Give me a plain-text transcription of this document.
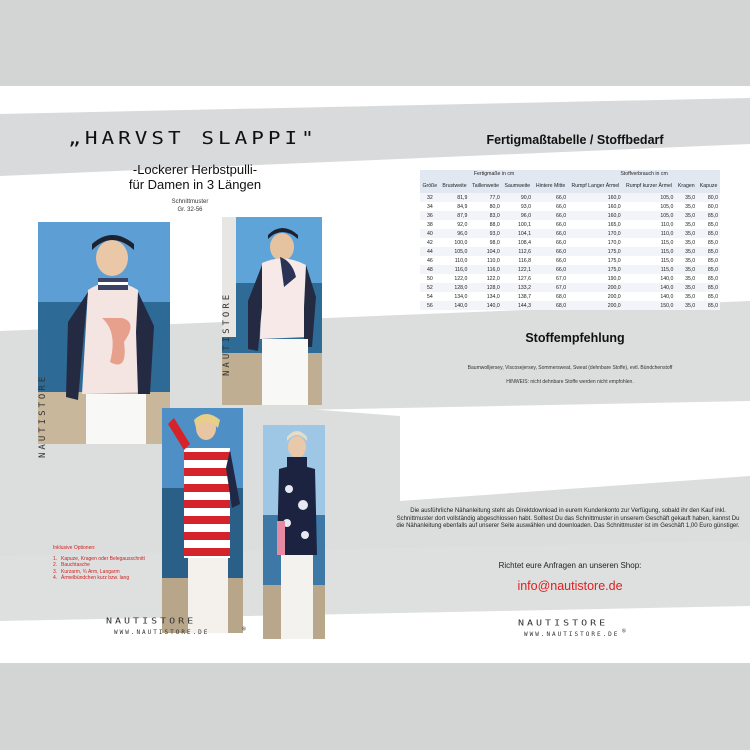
„HARVST SLAPPI"
-Lockerer Herbstpulli-
für Damen in 3 Längen
Schnittmuster
Gr. 32-56
NAUTISTORE
Inklusive Optionen:
1. Kapuze, Kragen oder Belegausschnitt
2. Bauchtasche
3. Kurzarm, ¾ Arm, Langarm
4. Ärmelbündchen kurz bzw. lang
NAUTISTORE
WWW.NAUTISTORE.DE	®
Fertigmaßtabelle / Stoffbedarf
Fertigmaße in cm					Stoffverbrauch in cm			
Größe	Brustweite	Taillenweite	Saumweite	Hintere Mitte	Rumpf Langer Ärmel	Rumpf kurzer Ärmel	Kragen	Kapuze
32	81,9	77,0	90,0	66,0	160,0	105,0	35,0	80,0
34	84,9	80,0	93,0	66,0	160,0	105,0	35,0	80,0
36	87,9	83,0	96,0	66,0	160,0	105,0	35,0	85,0
38	92,0	88,0	100,1	66,0	165,0	110,0	35,0	85,0
40	96,0	93,0	104,1	66,0	170,0	110,0	35,0	85,0
42	100,0	98,0	108,4	66,0	170,0	115,0	35,0	85,0
44	105,0	104,0	112,6	66,0	175,0	115,0	35,0	85,0
46	110,0	110,0	116,8	66,0	175,0	115,0	35,0	85,0
48	116,0	116,0	122,1	66,0	175,0	115,0	35,0	85,0
50	122,0	122,0	127,6	67,0	190,0	140,0	35,0	85,0
52	128,0	128,0	133,2	67,0	200,0	140,0	35,0	85,0
54	134,0	134,0	138,7	68,0	200,0	140,0	35,0	85,0
56	140,0	140,0	144,3	68,0	200,0	150,0	35,0	85,0
Stoffempfehlung
Baumwolljersey, Viscosejersey, Sommersweat, Sweat (dehnbare Stoffe), evtl. Bündchenstoff
HINWEIS: nicht dehnbare Stoffe werden nicht empfohlen.
Die ausführliche Nähanleitung steht als Direktdownload in eurem Kundenkonto zur Verfügung, sobald ihr den Kauf inkl. Schnittmuster dort vollständig abgeschlossen habt. Solltest Du das Schnittmuster in unserem Geschäft gekauft haben, kannst Du die Nähanleitung ebenfalls auf unserer Seite auswählen und downloaden. Das Schnittmuster ist im Geschäft 1,00 Euro günstiger.
Richtet eure Anfragen an unseren Shop:
info@nautistore.de
NAUTISTORE
WWW.NAUTISTORE.DE ®
